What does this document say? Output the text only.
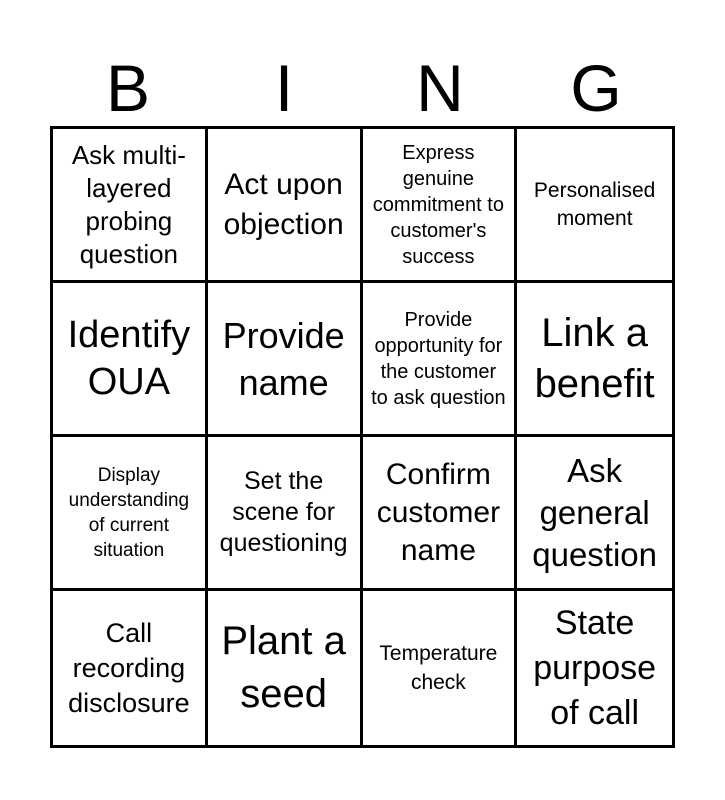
B	I	N	G
Ask multi-layered probing question
Act upon objection
Express genuine commitment to customer's success
Personalised moment
Identify OUA
Provide name
Provide opportunity for the customer to ask question
Link a benefit
Display understanding of current situation
Set the scene for questioning
Confirm customer name
Ask general question
Call recording disclosure
Plant a seed
Temperature check
State purpose of call
